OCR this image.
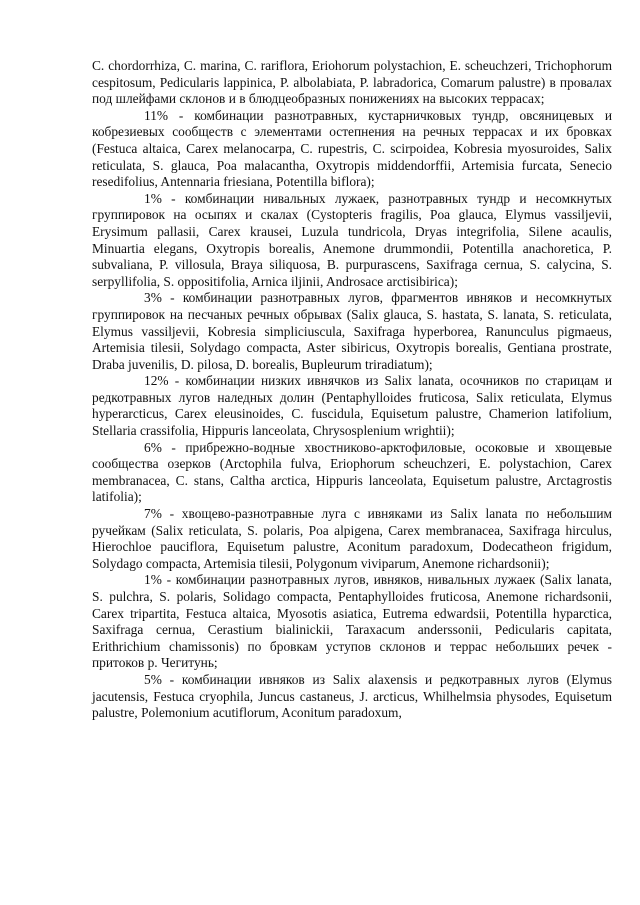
C. chordorrhiza, C. marina, C. rariflora, Eriohorum polystachion, E. scheuchzeri, Trichophorum cespitosum, Pedicularis lappinica, P. albolabiata, P. labradorica, Comarum palustre) в провалах под шлейфами склонов и в блюдцеобразных понижениях на высоких террасах;

11% - комбинации разнотравных, кустарничковых тундр, овсяницевых и кобрезиевых сообществ с элементами остепнения на речных террасах и их бровках (Festuca altaica, Carex melanocarpa, C. rupestris, C. scirpoidea, Kobresia myosuroides, Salix reticulata, S. glauca, Poa malacantha, Oxytropis middendorffii, Artemisia furcata, Senecio resedifolius, Antennaria friesiana, Potentilla biflora);

1% - комбинации нивальных лужаек, разнотравных тундр и несомкнутых группировок на осыпях и скалах (Cystopteris fragilis, Poa glauca, Elymus vassiljevii, Erysimum pallasii, Carex krausei, Luzula tundricola, Dryas integrifolia, Silene acaulis, Minuartia elegans, Oxytropis borealis, Anemone drummondii, Potentilla anachoretica, P. subvaliana, P. villosula, Braya siliquosa, B. purpurascens, Saxifraga cernua, S. calycina, S. serpyllifolia, S. oppositifolia, Arnica iljinii, Androsace arctisibirica);

3% - комбинации разнотравных лугов, фрагментов ивняков и несомкнутых группировок на песчаных речных обрывах (Salix glauca, S. hastata, S. lanata, S. reticulata, Elymus vassiljevii, Kobresia simpliciuscula, Saxifraga hyperborea, Ranunculus pigmaeus, Artemisia tilesii, Solydago compacta, Aster sibiricus, Oxytropis borealis, Gentiana prostrate, Draba juvenilis, D. pilosa, D. borealis, Bupleurum triradiatum);

12% - комбинации низких ивнячков из Salix lanata, осочников по старицам и редкотравных лугов наледных долин (Pentaphylloides fruticosa, Salix reticulata, Elymus hyperarcticus, Carex eleusinoides, C. fuscidula, Equisetum palustre, Chamerion latifolium, Stellaria crassifolia, Hippuris lanceolata, Chrysosplenium wrightii);

6% - прибрежно-водные хвостниково-арктофиловые, осоковые и хвощевые сообщества озерков (Arctophila fulva, Eriophorum scheuchzeri, E. polystachion, Carex membranacea, C. stans, Caltha arctica, Hippuris lanceolata, Equisetum palustre, Arctagrostis latifolia);

7% - хвощево-разнотравные луга с ивняками из Salix lanata по небольшим ручейкам (Salix reticulata, S. polaris, Poa alpigena, Carex membranacea, Saxifraga hirculus, Hierochloe pauciflora, Equisetum palustre, Aconitum paradoxum, Dodecatheon frigidum, Solydago compacta, Artemisia tilesii, Polygonum viviparum, Anemone richardsonii);

1% - комбинации разнотравных лугов, ивняков, нивальных лужаек (Salix lanata, S. pulchra, S. polaris, Solidago compacta, Pentaphylloides fruticosa, Anemone richardsonii, Carex tripartita, Festuca altaica, Myosotis asiatica, Eutrema edwardsii, Potentilla hyparctica, Saxifraga cernua, Cerastium bialinickii, Taraxacum anderssonii, Pedicularis capitata, Erithrichium chamissonis) по бровкам уступов склонов и террас небольших речек - притоков р. Чегитунь;

5% - комбинации ивняков из Salix alaxensis и редкотравных лугов (Elymus jacutensis, Festuca cryophila, Juncus castaneus, J. arcticus, Whilhelmsia physodes, Equisetum palustre, Polemonium acutiflorum, Aconitum paradoxum,
